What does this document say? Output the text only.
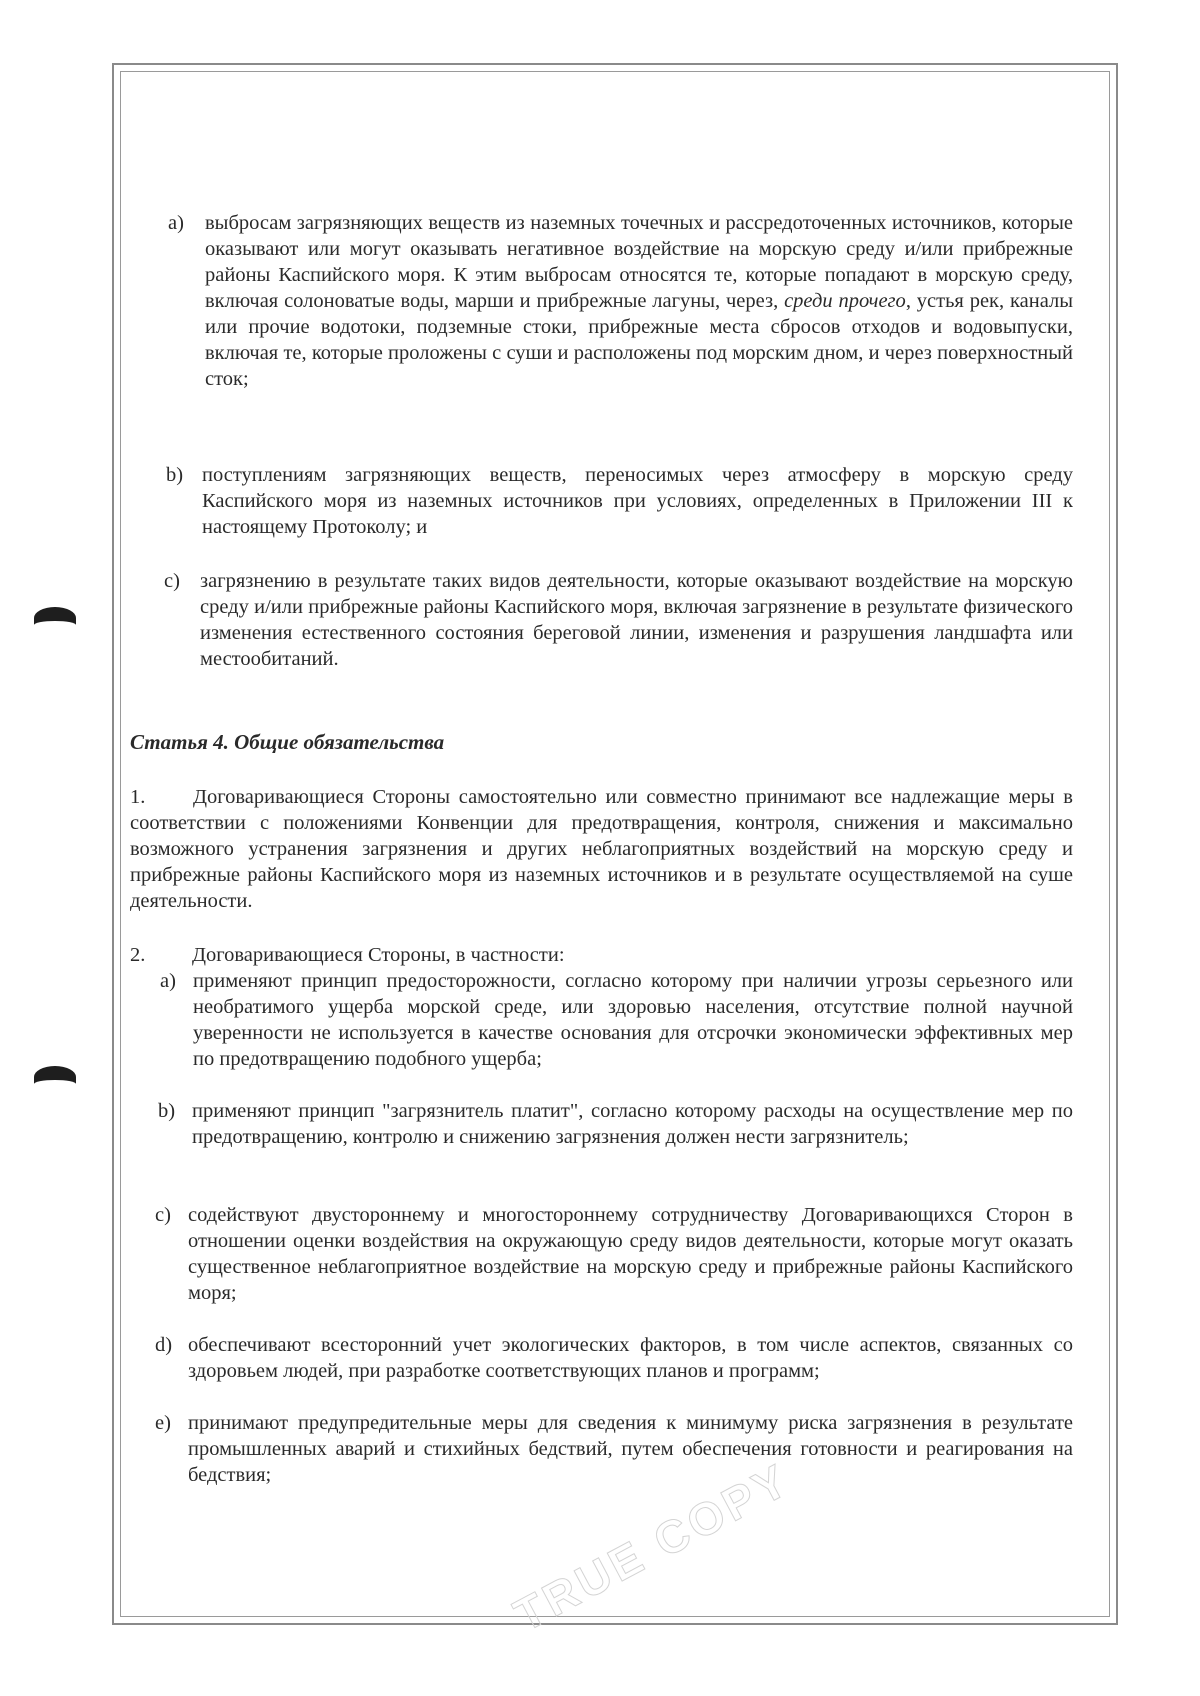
a) выбросам загрязняющих веществ из наземных точечных и рассредоточенных источников, которые оказывают или могут оказывать негативное воздействие на морскую среду и/или прибрежные районы Каспийского моря. К этим выбросам относятся те, которые попадают в морскую среду, включая солоноватые воды, марши и прибрежные лагуны, через, среди прочего, устья рек, каналы или прочие водотоки, подземные стоки, прибрежные места сбросов отходов и водовыпуски, включая те, которые проложены с суши и расположены под морским дном, и через поверхностный сток;
b) поступлениям загрязняющих веществ, переносимых через атмосферу в морскую среду Каспийского моря из наземных источников при условиях, определенных в Приложении III к настоящему Протоколу; и
c) загрязнению в результате таких видов деятельности, которые оказывают воздействие на морскую среду и/или прибрежные районы Каспийского моря, включая загрязнение в результате физического изменения естественного состояния береговой линии, изменения и разрушения ландшафта или местообитаний.
Статья 4. Общие обязательства
1.	Договаривающиеся Стороны самостоятельно или совместно принимают все надлежащие меры в соответствии с положениями Конвенции для предотвращения, контроля, снижения и максимально возможного устранения загрязнения и других неблагоприятных воздействий на морскую среду и прибрежные районы Каспийского моря из наземных источников и в результате осуществляемой на суше деятельности.
2. Договаривающиеся Стороны, в частности:
a) применяют принцип предосторожности, согласно которому при наличии угрозы серьезного или необратимого ущерба морской среде, или здоровью населения, отсутствие полной научной уверенности не используется в качестве основания для отсрочки экономически эффективных мер по предотвращению подобного ущерба;
b) применяют принцип "загрязнитель платит", согласно которому расходы на осуществление мер по предотвращению, контролю и снижению загрязнения должен нести загрязнитель;
c) содействуют двустороннему и многостороннему сотрудничеству Договаривающихся Сторон в отношении оценки воздействия на окружающую среду видов деятельности, которые могут оказать существенное неблагоприятное воздействие на морскую среду и прибрежные районы Каспийского моря;
d) обеспечивают всесторонний учет экологических факторов, в том числе аспектов, связанных со здоровьем людей, при разработке соответствующих планов и программ;
e) принимают предупредительные меры для сведения к минимуму риска загрязнения в результате промышленных аварий и стихийных бедствий, путем обеспечения готовности и реагирования на бедствия;	TRUE COPY
